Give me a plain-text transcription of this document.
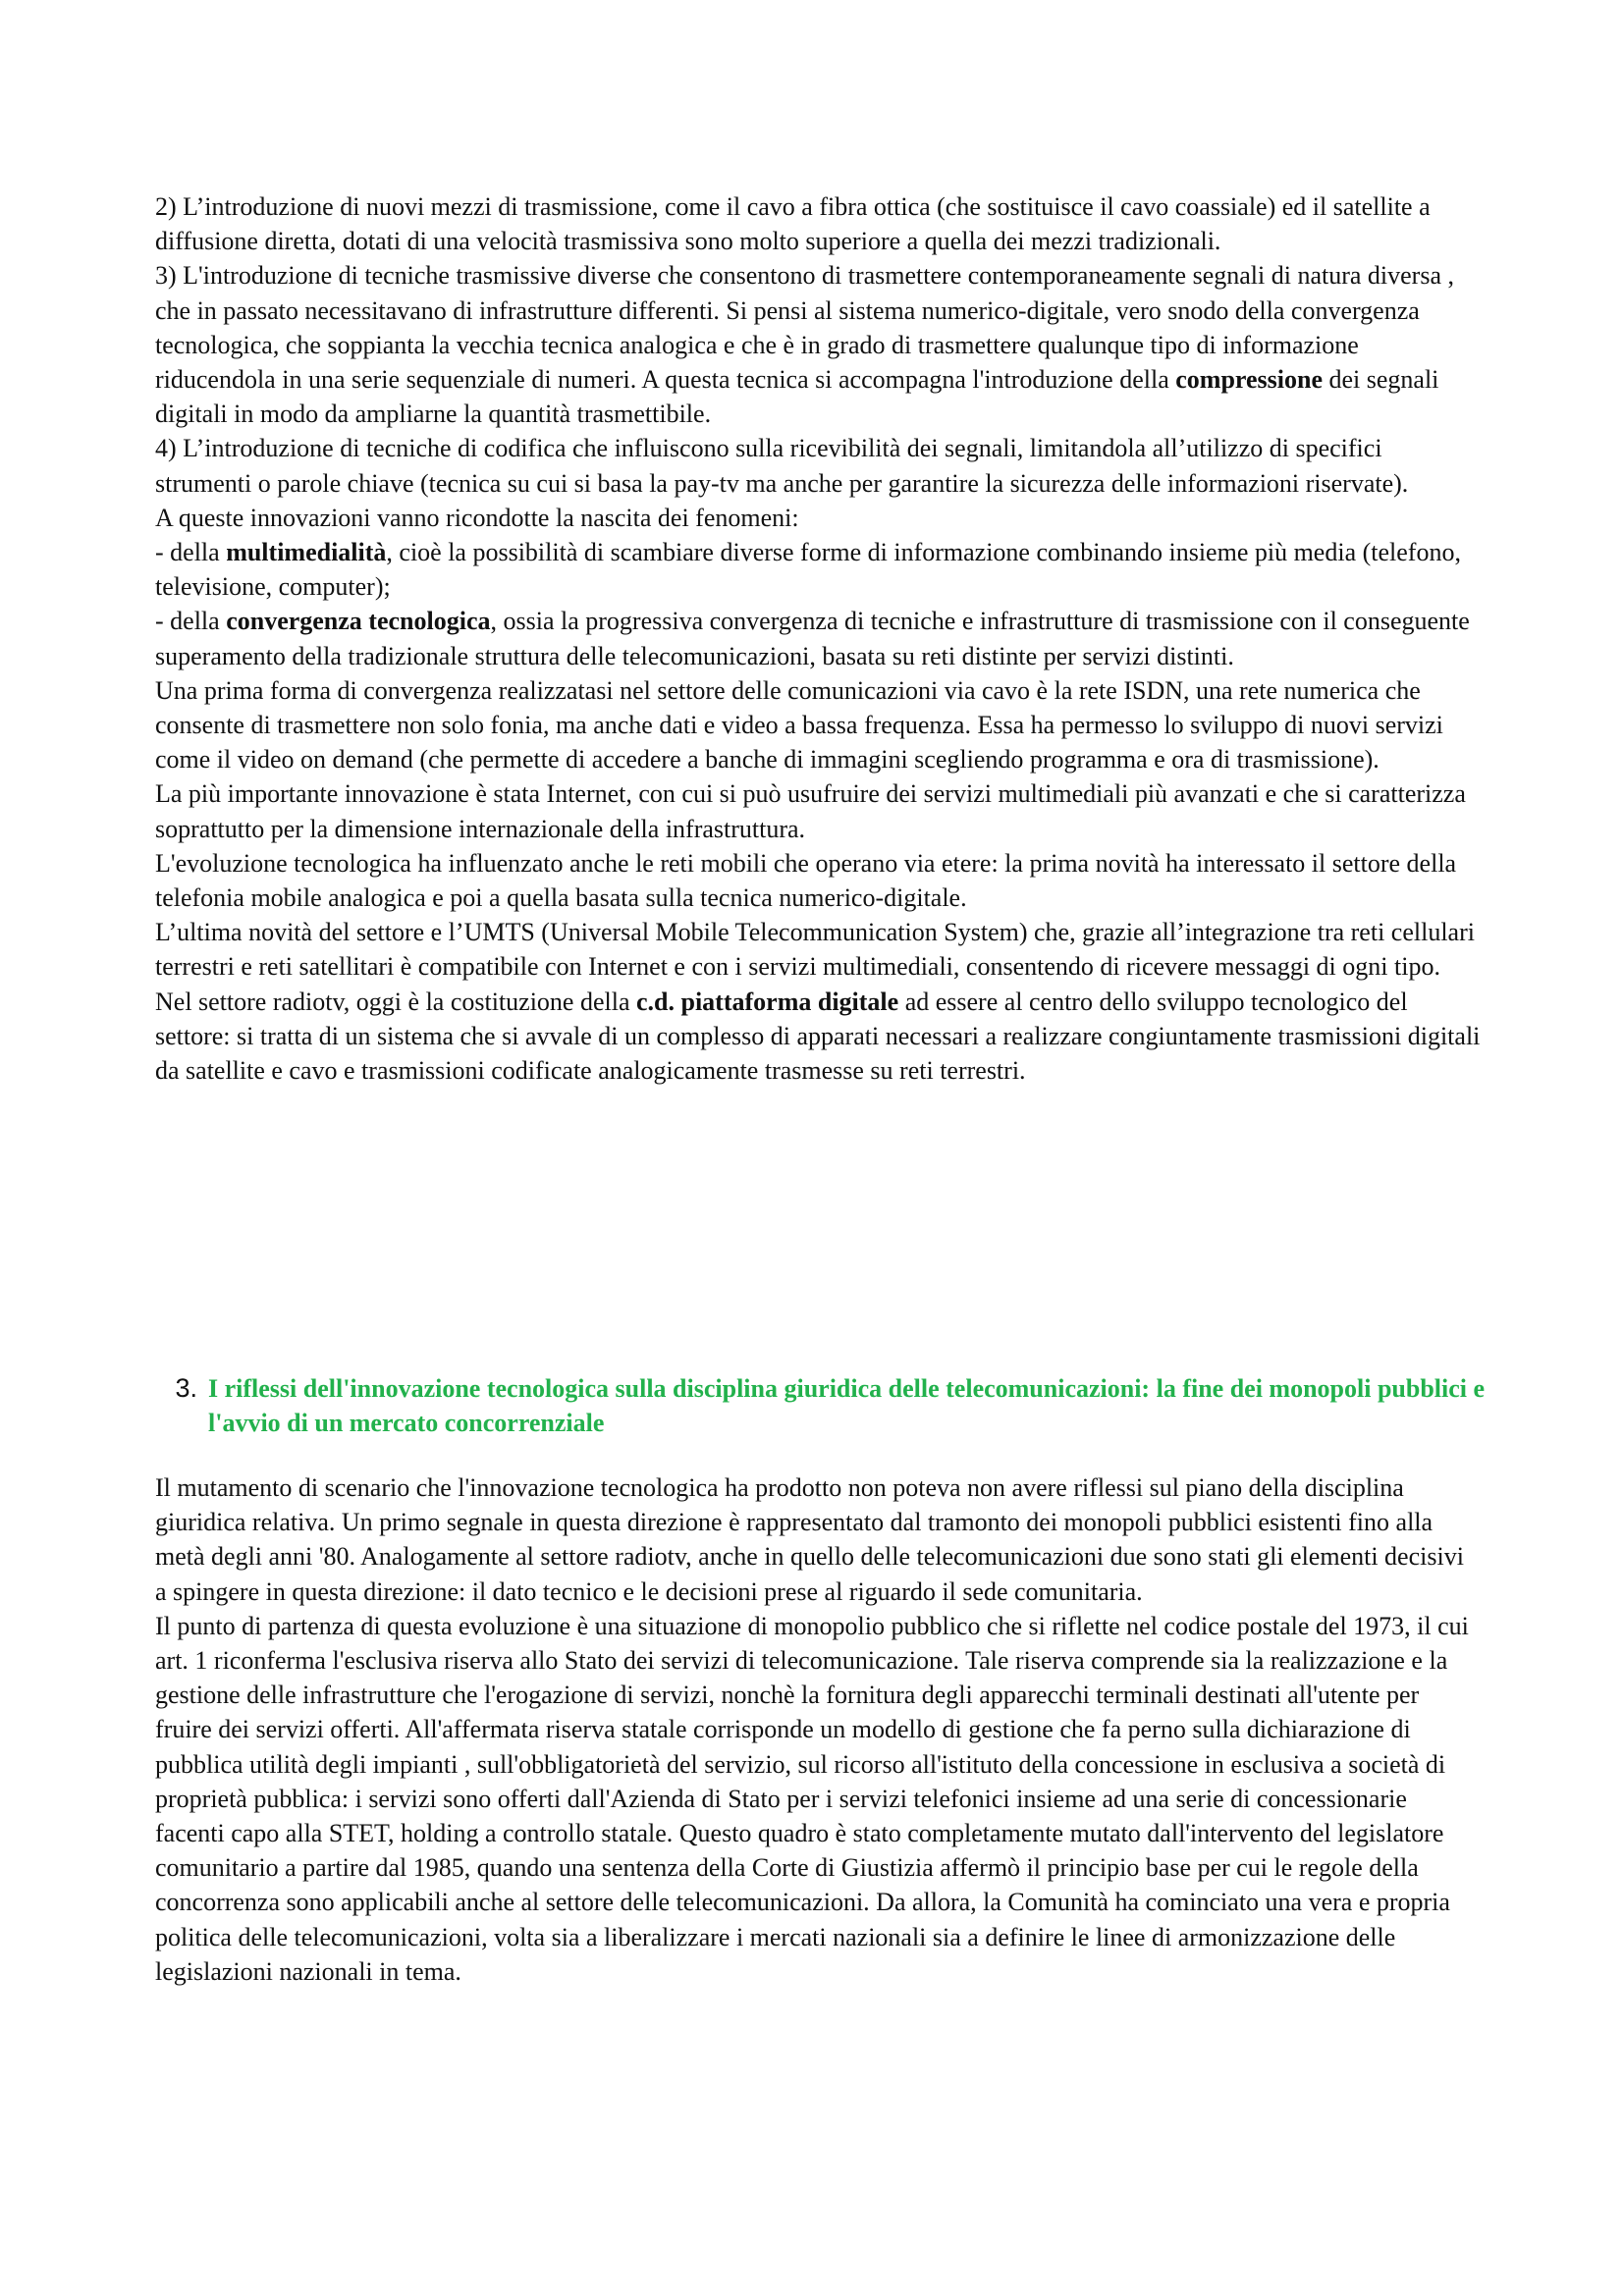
2) L’introduzione di nuovi mezzi di trasmissione, come il cavo a fibra ottica (che sostituisce il cavo coassiale) ed il satellite a diffusione diretta, dotati di una velocità trasmissiva sono molto superiore a quella dei mezzi tradizionali.

3) L'introduzione di tecniche trasmissive diverse che consentono di trasmettere contemporaneamente segnali di natura diversa , che in passato necessitavano di infrastrutture differenti. Si pensi al sistema numerico-digitale, vero snodo della convergenza tecnologica, che soppianta la vecchia tecnica analogica e che è in grado di trasmettere qualunque tipo di informazione riducendola in una serie sequenziale di numeri. A questa tecnica si accompagna l'introduzione della compressione dei segnali digitali in modo da ampliarne la quantità trasmettibile.

4) L’introduzione di tecniche di codifica che influiscono sulla ricevibilità dei segnali, limitandola all’utilizzo di specifici strumenti o parole chiave (tecnica su cui si basa la pay-tv ma anche per garantire la sicurezza delle informazioni riservate).

A queste innovazioni vanno ricondotte la nascita dei fenomeni:

- della multimedialità, cioè la possibilità di scambiare diverse forme di informazione combinando insieme più media (telefono, televisione, computer);

- della convergenza tecnologica, ossia la progressiva convergenza di tecniche e infrastrutture di trasmissione con il conseguente superamento della tradizionale struttura delle telecomunicazioni, basata su reti distinte per servizi distinti.

Una prima forma di convergenza realizzatasi nel settore delle comunicazioni via cavo è la rete ISDN, una rete numerica che consente di trasmettere non solo fonia, ma anche dati e video a bassa frequenza. Essa ha permesso lo sviluppo di nuovi servizi come il video on demand (che permette di accedere a banche di immagini scegliendo programma e ora di trasmissione).

La più importante innovazione è stata Internet, con cui si può usufruire dei servizi multimediali più avanzati e che si caratterizza soprattutto per la dimensione internazionale della infrastruttura.

L'evoluzione tecnologica ha influenzato anche le reti mobili che operano via etere: la prima novità ha interessato il settore della telefonia mobile analogica e poi a quella basata sulla tecnica numerico-digitale.

L’ultima novità del settore e l’UMTS (Universal Mobile Telecommunication System) che, grazie all’integrazione tra reti cellulari terrestri e reti satellitari è compatibile con Internet e con i servizi multimediali, consentendo di ricevere messaggi di ogni tipo.

Nel settore radiotv, oggi è la costituzione della c.d. piattaforma digitale ad essere al centro dello sviluppo tecnologico del settore: si tratta di un sistema che si avvale di un complesso di apparati necessari a realizzare congiuntamente trasmissioni digitali da satellite e cavo e trasmissioni codificate analogicamente trasmesse su reti terrestri.

3. I riflessi dell'innovazione tecnologica sulla disciplina giuridica delle telecomunicazioni: la fine dei monopoli pubblici e l'avvio di un mercato concorrenziale

Il mutamento di scenario che l'innovazione tecnologica ha prodotto non poteva non avere riflessi sul piano della disciplina giuridica relativa. Un primo segnale in questa direzione è rappresentato dal tramonto dei monopoli pubblici esistenti fino alla metà degli anni '80. Analogamente al settore radiotv, anche in quello delle telecomunicazioni due sono stati gli elementi decisivi a spingere in questa direzione: il dato tecnico e le decisioni prese al riguardo il sede comunitaria.

Il punto di partenza di questa evoluzione è una situazione di monopolio pubblico che si riflette nel codice postale del 1973, il cui art. 1 riconferma l'esclusiva riserva allo Stato dei servizi di telecomunicazione. Tale riserva comprende sia la realizzazione e la gestione delle infrastrutture che l'erogazione di servizi, nonchè la fornitura degli apparecchi terminali destinati all'utente per fruire dei servizi offerti. All'affermata riserva statale corrisponde un modello di gestione che fa perno sulla dichiarazione di pubblica utilità degli impianti , sull'obbligatorietà del servizio, sul ricorso all'istituto della concessione in esclusiva a società di proprietà pubblica: i servizi sono offerti dall'Azienda di Stato per i servizi telefonici insieme ad una serie di concessionarie facenti capo alla STET, holding a controllo statale. Questo quadro è stato completamente mutato dall'intervento del legislatore comunitario a partire dal 1985, quando una sentenza della Corte di Giustizia affermò il principio base per cui le regole della concorrenza sono applicabili anche al settore delle telecomunicazioni. Da allora, la Comunità ha cominciato una vera e propria politica delle telecomunicazioni, volta sia a liberalizzare i mercati nazionali sia a definire le linee di armonizzazione delle legislazioni nazionali in tema.
